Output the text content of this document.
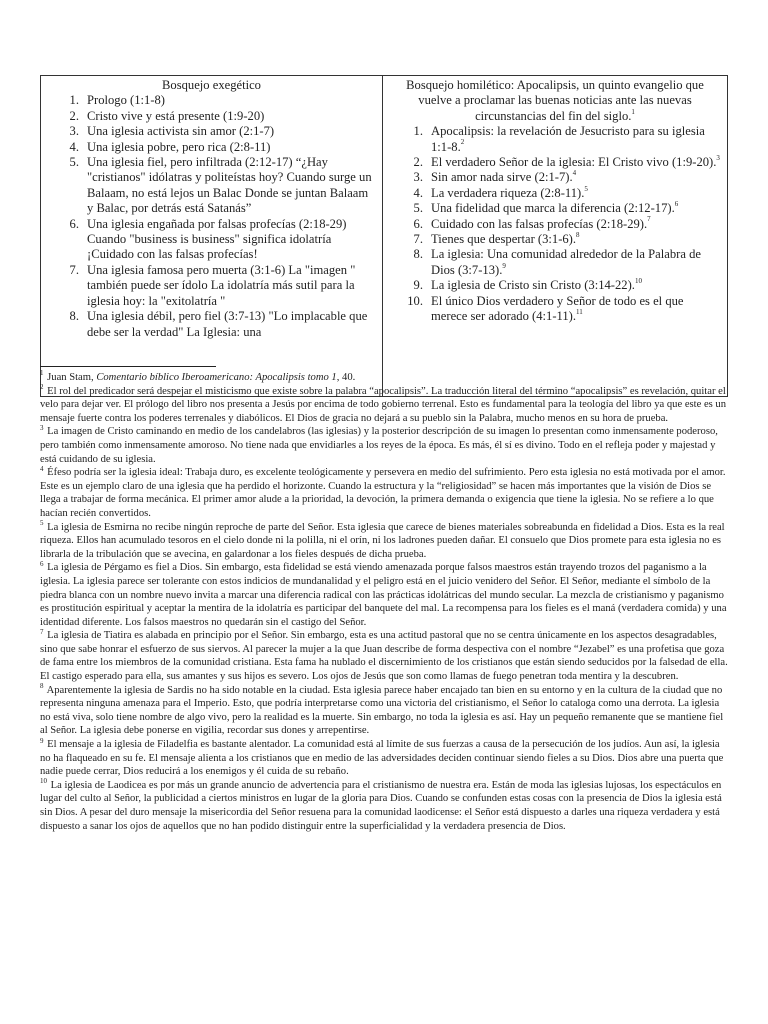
Bosquejo exegético
1. Prologo (1:1-8)
2. Cristo vive y está presente (1:9-20)
3. Una iglesia activista sin amor (2:1-7)
4. Una iglesia pobre, pero rica (2:8-11)
5. Una iglesia fiel, pero infiltrada (2:12-17) “¿Hay "cristianos" idólatras y politeístas hoy? Cuando surge un Balaam, no está lejos un Balac Donde se juntan Balaam y Balac, por detrás está Satanás”
6. Una iglesia engañada por falsas profecías (2:18-29) Cuando "business is business" significa idolatría ¡Cuidado con las falsas profecías!
7. Una iglesia famosa pero muerta (3:1-6) La "imagen " también puede ser ídolo La idolatría más sutil para la iglesia hoy: la "exitolatría "
8. Una iglesia débil, pero fiel (3:7-13) "Lo implacable que debe ser la verdad" La Iglesia: una

Bosquejo homilético: Apocalipsis, un quinto evangelio que vuelve a proclamar las buenas noticias ante las nuevas circunstancias del fin del siglo.$^1$
1. Apocalipsis: la revelación de Jesucristo para su iglesia 1:1-8.$^2$
2. El verdadero Señor de la iglesia: El Cristo vivo (1:9-20).$^3$
3. Sin amor nada sirve (2:1-7).$^4$
4. La verdadera riqueza (2:8-11).$^5$
5. Una fidelidad que marca la diferencia (2:12-17).$^6$
6. Cuidado con las falsas profecías (2:18-29).$^7$
7. Tienes que despertar (3:1-6).$^8$
8. La iglesia: Una comunidad alrededor de la Palabra de Dios (3:7-13).$^9$
9. La iglesia de Cristo sin Cristo (3:14-22).$^{10}$
10. El único Dios verdadero y Señor de todo es el que merece ser adorado (4:1-11).$^{11}$

$^1$ Juan Stam, Comentario bíblico Iberoamericano: Apocalipsis tomo 1, 40.

$^2$ El rol del predicador será despejar el misticismo que existe sobre la palabra “apocalipsis”. La traducción literal del término “apocalipsis” es revelación, quitar el velo para dejar ver. El prólogo del libro nos presenta a Jesús por encima de todo gobierno terrenal. Esto es fundamental para la teología del libro ya que este es un mensaje fuerte contra los poderes terrenales y diabólicos. El Dios de gracia no dejará a su pueblo sin la Palabra, mucho menos en su hora de prueba.

$^3$ La imagen de Cristo caminando en medio de los candelabros (las iglesias) y la posterior descripción de su imagen lo presentan como inmensamente poderoso, pero también como inmensamente amoroso. No tiene nada que envidiarles a los reyes de la época. Es más, él sí es divino. Todo en el refleja poder y majestad y está cuidando de su iglesia.

$^4$ Éfeso podría ser la iglesia ideal: Trabaja duro, es excelente teológicamente y persevera en medio del sufrimiento. Pero esta iglesia no está motivada por el amor. Este es un ejemplo claro de una iglesia que ha perdido el horizonte. Cuando la estructura y la “religiosidad” se hacen más importantes que la visión de Dios se llega a trabajar de forma mecánica. El primer amor alude a la prioridad, la devoción, la primera demanda o exigencia que tiene la iglesia. No se refiere a lo que hacían recién convertidos.

$^5$ La iglesia de Esmirna no recibe ningún reproche de parte del Señor. Esta iglesia que carece de bienes materiales sobreabunda en fidelidad a Dios. Esta es la real riqueza. Ellos han acumulado tesoros en el cielo donde ni la polilla, ni el orín, ni los ladrones pueden dañar. El consuelo que Dios promete para esta iglesia no es librarla de la tribulación que se avecina, en galardonar a los fieles después de dicha prueba.

$^6$ La iglesia de Pérgamo es fiel a Dios. Sin embargo, esta fidelidad se está viendo amenazada porque falsos maestros están trayendo trozos del paganismo a la iglesia. La iglesia parece ser tolerante con estos indicios de mundanalidad y el peligro está en el juicio venidero del Señor. El Señor, mediante el símbolo de la piedra blanca con un nombre nuevo invita a marcar una diferencia radical con las prácticas idolátricas del mundo secular. La mezcla de cristianismo y paganismo es prostitución espiritual y aceptar la mentira de la idolatría es participar del banquete del mal. La recompensa para los fieles es el maná (verdadera comida) y una identidad diferente. Los falsos maestros no quedarán sin el castigo del Señor.

$^7$ La iglesia de Tiatira es alabada en principio por el Señor. Sin embargo, esta es una actitud pastoral que no se centra únicamente en los aspectos desagradables, sino que sabe honrar el esfuerzo de sus siervos. Al parecer la mujer a la que Juan describe de forma despectiva con el nombre “Jezabel” es una profetisa que goza de fama entre los miembros de la comunidad cristiana. Esta fama ha nublado el discernimiento de los cristianos que están siendo seducidos por la falsedad de ella. El castigo esperado para ella, sus amantes y sus hijos es severo. Los ojos de Jesús que son como llamas de fuego penetran toda mentira y la descubren.

$^8$ Aparentemente la iglesia de Sardis no ha sido notable en la ciudad. Esta iglesia parece haber encajado tan bien en su entorno y en la cultura de la ciudad que no representa ninguna amenaza para el Imperio. Esto, que podría interpretarse como una victoria del cristianismo, el Señor lo cataloga como una derrota. La iglesia no está viva, solo tiene nombre de algo vivo, pero la realidad es la muerte. Sin embargo, no toda la iglesia es así. Hay un pequeño remanente que se mantiene fiel al Señor. La iglesia debe ponerse en vigilia, recordar sus dones y arrepentirse.

$^9$ El mensaje a la iglesia de Filadelfia es bastante alentador. La comunidad está al límite de sus fuerzas a causa de la persecución de los judíos. Aun así, la iglesia no ha flaqueado en su fe. El mensaje alienta a los cristianos que en medio de las adversidades deciden continuar siendo fieles a su Dios. Dios abre una puerta que nadie puede cerrar, Dios reducirá a los enemigos y él cuida de su rebaño.

$^{10}$ La iglesia de Laodicea es por más un grande anuncio de advertencia para el cristianismo de nuestra era. Están de moda las iglesias lujosas, los espectáculos en lugar del culto al Señor, la publicidad a ciertos ministros en lugar de la gloria para Dios. Cuando se confunden estas cosas con la presencia de Dios la iglesia está sin Dios. A pesar del duro mensaje la misericordia del Señor resuena para la comunidad laodicense: el Señor está dispuesto a darles una riqueza verdadera y está dispuesto a sanar los ojos de aquellos que no han podido distinguir entre la superficialidad y la verdadera presencia de Dios.
